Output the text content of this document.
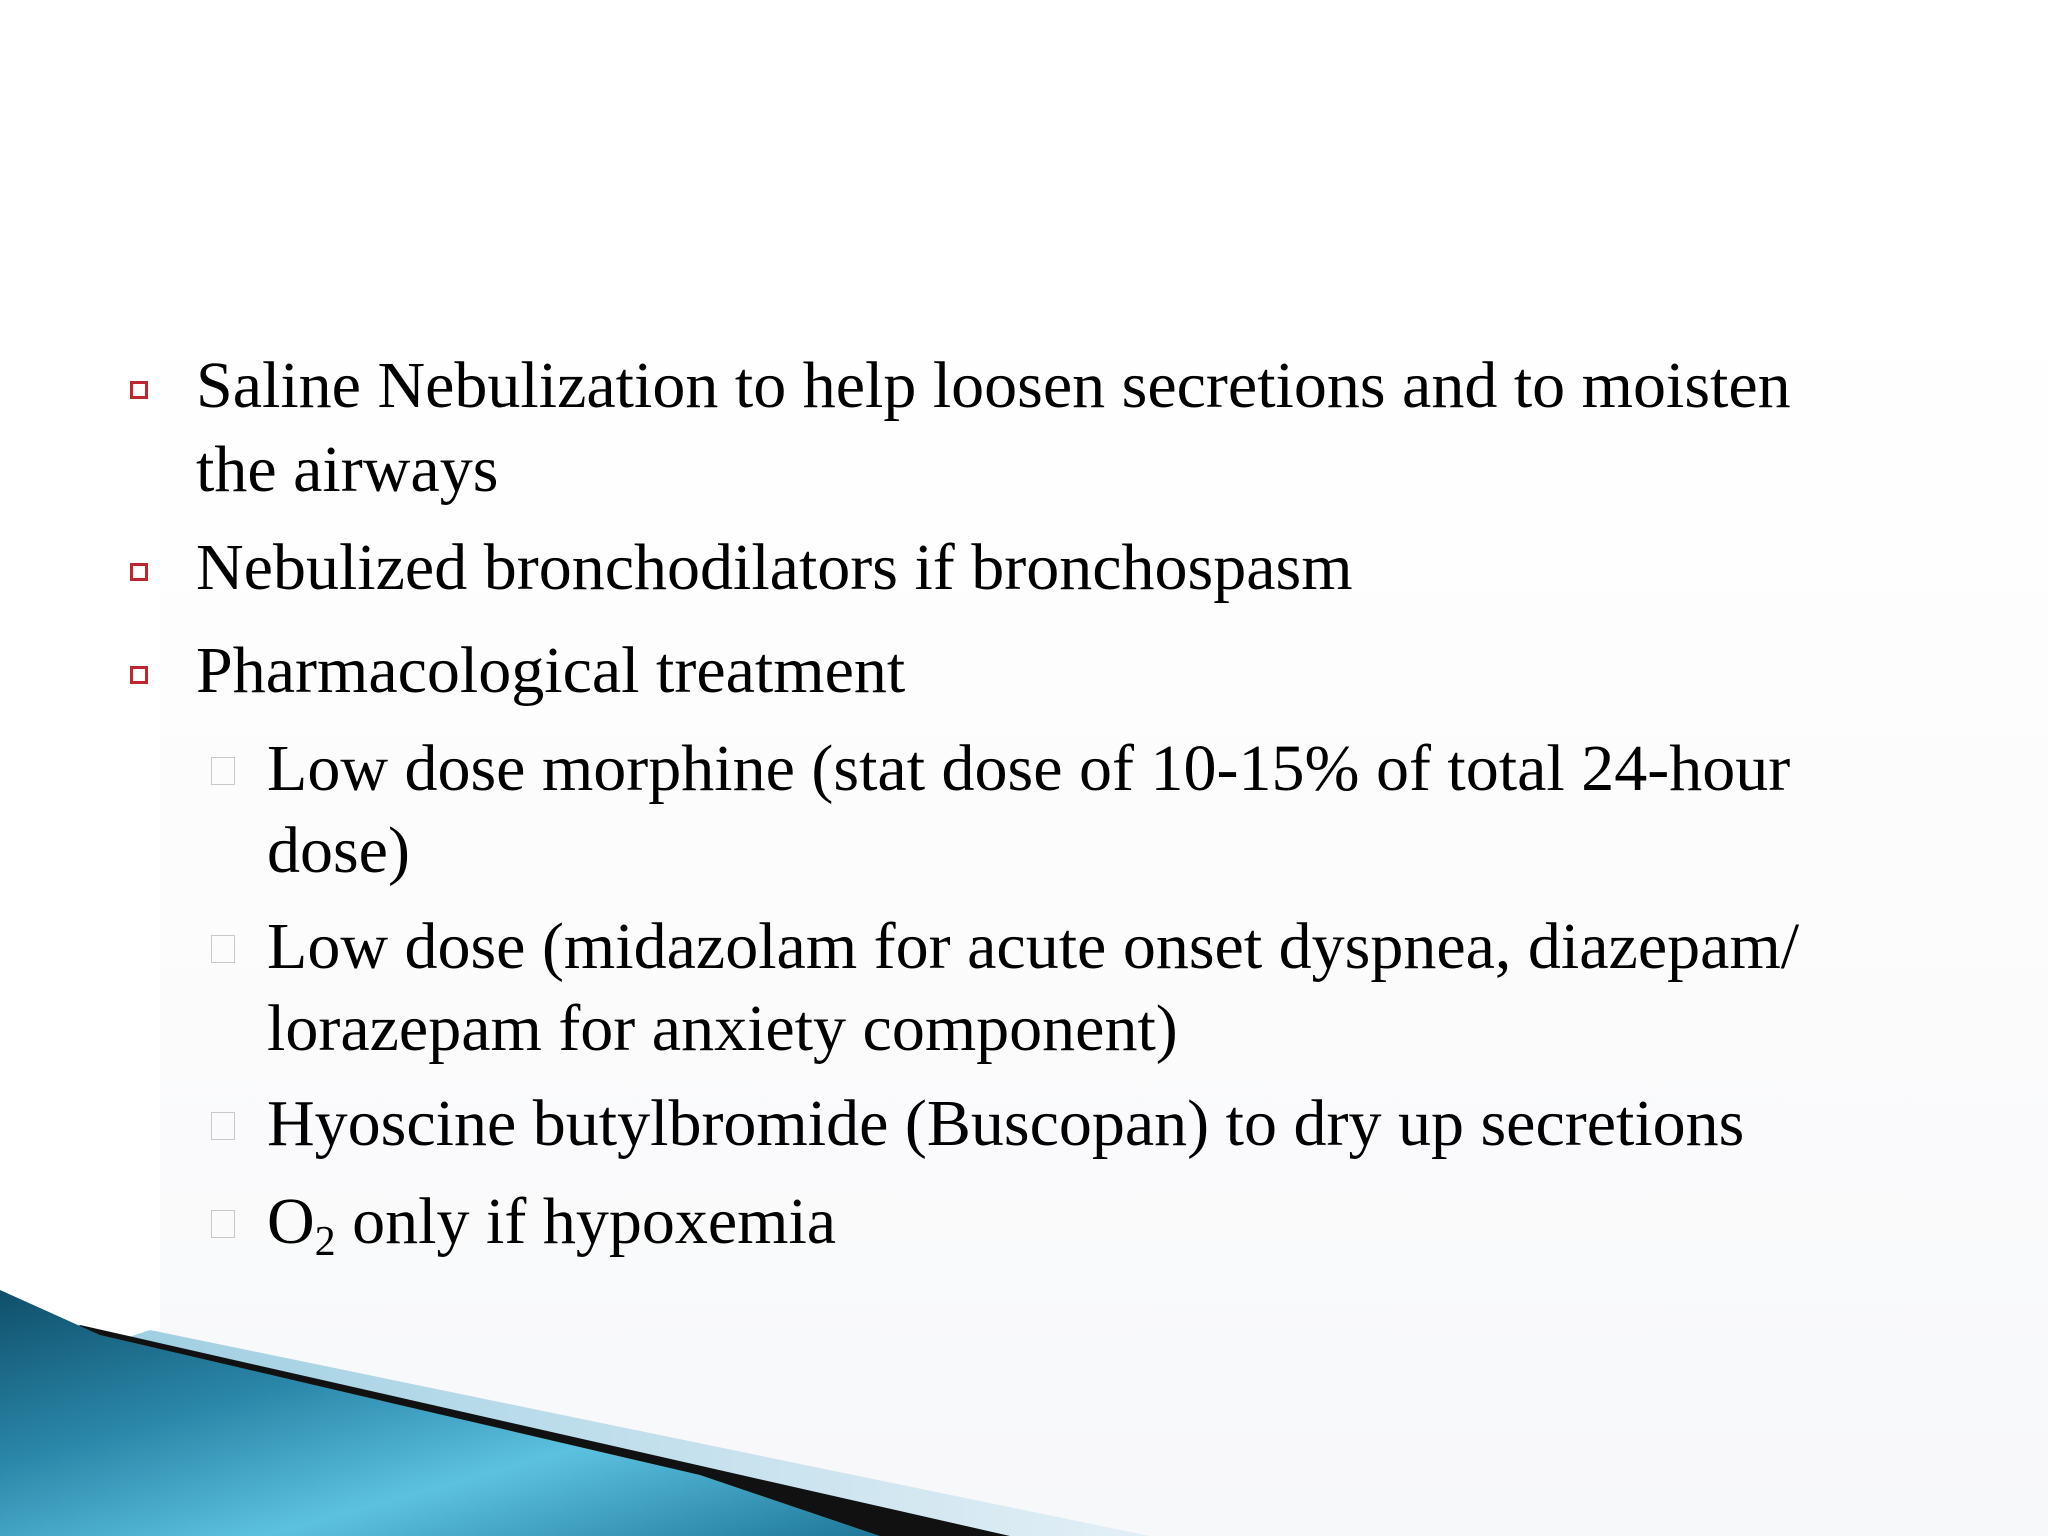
Saline Nebulization to help loosen secretions and to moisten
the airways
Nebulized bronchodilators if bronchospasm
Pharmacological treatment
Low dose morphine (stat dose of 10-15% of total 24-hour
dose)
Low dose (midazolam for acute onset dyspnea, diazepam/
lorazepam for anxiety component)
Hyoscine butylbromide (Buscopan) to dry up secretions
$O_2$ only if hypoxemia
